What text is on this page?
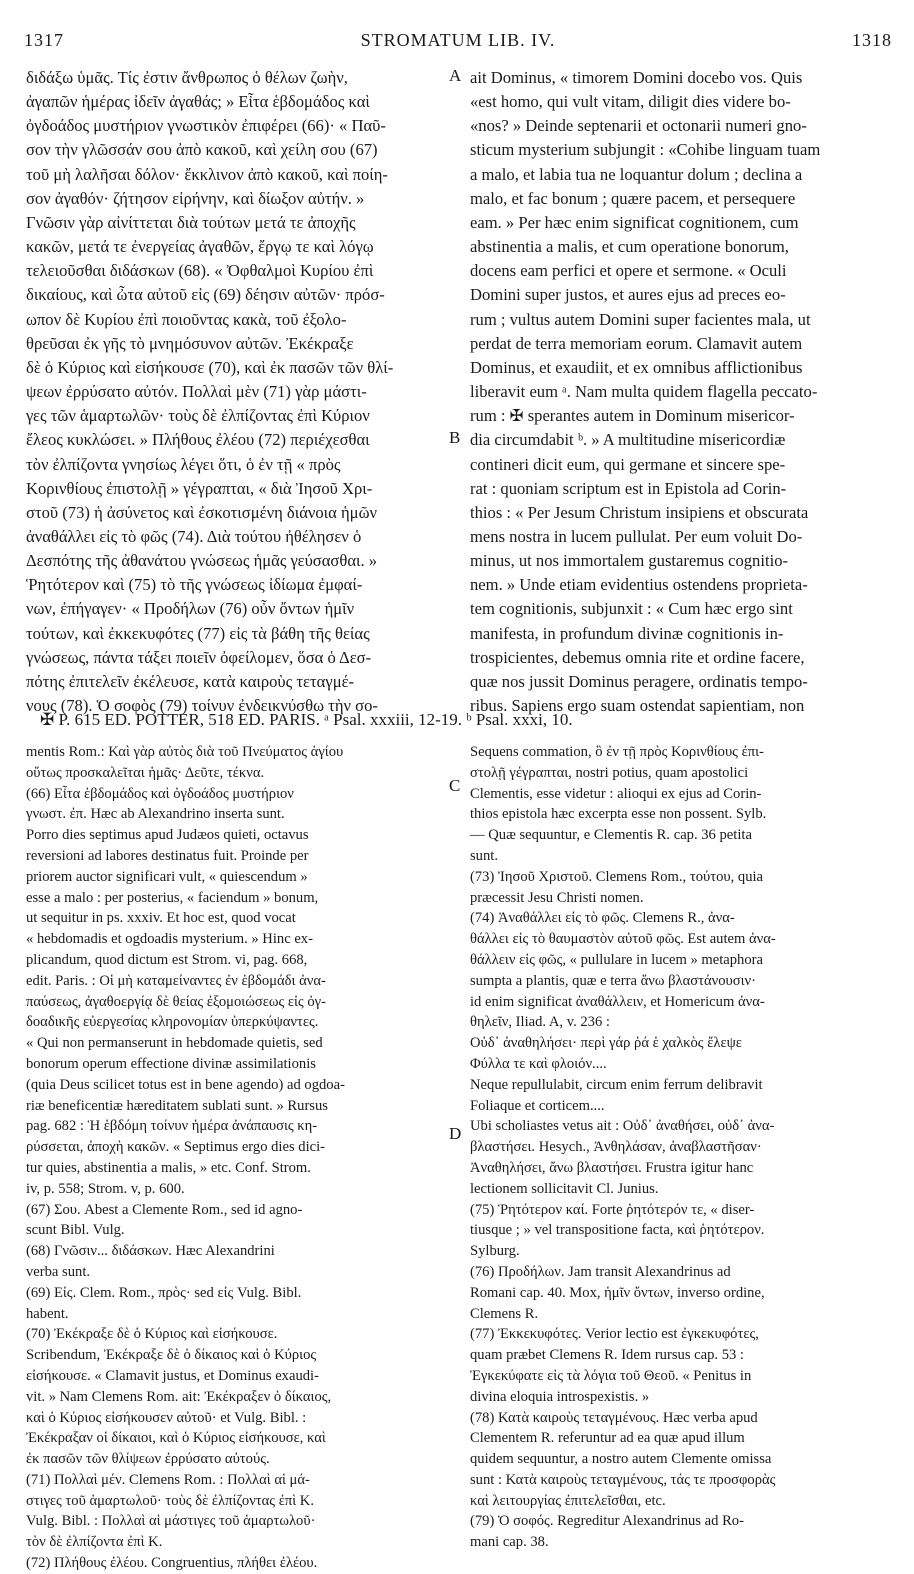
1317	STROMATUM LIB. IV.	1318
διδάξω ὑμᾶς. Τίς ἐστιν ἄνθρωπος ὁ θέλων ζωὴν,
ἀγαπῶν ἡμέρας ἰδεῖν ἀγαθάς; » Εἶτα ἑβδομάδος καὶ
ὀγδοάδος μυστήριον γνωστικὸν ἐπιφέρει (66)· « Παῦ-
σον τὴν γλῶσσάν σου ἀπὸ κακοῦ, καὶ χείλη σου (67)
τοῦ μὴ λαλῆσαι δόλον· ἔκκλινον ἀπὸ κακοῦ, καὶ ποίη-
σον ἀγαθόν· ζήτησον εἰρήνην, καὶ δίωξον αὐτήν. »
Γνῶσιν γὰρ αἰνίττεται διὰ τούτων μετά τε ἀποχῆς
κακῶν, μετά τε ἐνεργείας ἀγαθῶν, ἔργῳ τε καὶ λόγῳ
τελειοῦσθαι διδάσκων (68). « Ὀφθαλμοὶ Κυρίου ἐπὶ
δικαίους, καὶ ὦτα αὐτοῦ εἰς (69) δέησιν αὐτῶν· πρόσ-
ωπον δὲ Κυρίου ἐπὶ ποιοῦντας κακὰ, τοῦ ἐξολο-
θρεῦσαι ἐκ γῆς τὸ μνημόσυνον αὐτῶν. Ἐκέκραξε
δὲ ὁ Κύριος καὶ εἰσήκουσε (70), καὶ ἐκ πασῶν τῶν θλί-
ψεων ἐρρύσατο αὐτόν. Πολλαὶ μὲν (71) γὰρ μάστι-
γες τῶν ἁμαρτωλῶν· τοὺς δὲ ἐλπίζοντας ἐπὶ Κύριον
ἔλεος κυκλώσει. » Πλήθους ἐλέου (72) περιέχεσθαι
τὸν ἐλπίζοντα γνησίως λέγει ὅτι, ὁ ἐν τῇ « πρὸς
Κορινθίους ἐπιστολῇ » γέγραπται, « διὰ Ἰησοῦ Χρι-
στοῦ (73) ἡ ἀσύνετος καὶ ἐσκοτισμένη διάνοια ἡμῶν
ἀναθάλλει εἰς τὸ φῶς (74). Διὰ τούτου ἠθέλησεν ὁ
Δεσπότης τῆς ἀθανάτου γνώσεως ἡμᾶς γεύσασθαι. »
Ῥητότερον καὶ (75) τὸ τῆς γνώσεως ἰδίωμα ἐμφαί-
νων, ἐπήγαγεν· « Προδήλων (76) οὖν ὄντων ἡμῖν
τούτων, καὶ ἐκκεκυφότες (77) εἰς τὰ βάθη τῆς θείας
γνώσεως, πάντα τάξει ποιεῖν ὀφείλομεν, ὅσα ὁ Δεσ-
πότης ἐπιτελεῖν ἐκέλευσε, κατὰ καιροὺς τεταγμέ-
νους (78). Ὁ σοφὸς (79) τοίνυν ἐνδεικνύσθω τὴν σο-
ait Dominus, « timorem Domini docebo vos. Quis
«est homo, qui vult vitam, diligit dies videre bo-
«nos? » Deinde septenarii et octonarii numeri gno-
sticum mysterium subjungit : «Cohibe linguam tuam
a malo, et labia tua ne loquantur dolum ; declina a
malo, et fac bonum ; quære pacem, et persequere
eam. » Per hæc enim significat cognitionem, cum
abstinentia a malis, et cum operatione bonorum,
docens eam perfici et opere et sermone. « Oculi
Domini super justos, et aures ejus ad preces eo-
rum ; vultus autem Domini super facientes mala, ut
perdat de terra memoriam eorum. Clamavit autem
Dominus, et exaudiit, et ex omnibus afflictionibus
liberavit eum ᵃ. Nam multa quidem flagella peccato-
rum : ✠ sperantes autem in Dominum misericor-
dia circumdabit ᵇ. » A multitudine misericordiæ
contineri dicit eum, qui germane et sincere spe-
rat : quoniam scriptum est in Epistola ad Corin-
thios : « Per Jesum Christum insipiens et obscurata
mens nostra in lucem pullulat. Per eum voluit Do-
minus, ut nos immortalem gustaremus cognitio-
nem. » Unde etiam evidentius ostendens proprieta-
tem cognitionis, subjunxit : « Cum hæc ergo sint
manifesta, in profundum divinæ cognitionis in-
trospicientes, debemus omnia rite et ordine facere,
quæ nos jussit Dominus peragere, ordinatis tempo-
ribus. Sapiens ergo suam ostendat sapientiam, non
A
B
C
D
✠ P. 615 ED. POTTER, 518 ED. PARIS. ᵃ Psal. xxxiii, 12-19. ᵇ Psal. xxxi, 10.
mentis Rom.: Καὶ γὰρ αὐτὸς διὰ τοῦ Πνεύματος ἁγίου
οὕτως προσκαλεῖται ἡμᾶς· Δεῦτε, τέκνα.
(66) Εἶτα ἑβδομάδος καὶ ὀγδοάδος μυστήριον
γνωστ. ἐπ. Hæc ab Alexandrino inserta sunt.
Porro dies septimus apud Judæos quieti, octavus
reversioni ad labores destinatus fuit. Proinde per
priorem auctor significari vult, « quiescendum »
esse a malo : per posterius, « faciendum » bonum,
ut sequitur in ps. xxxiv. Et hoc est, quod vocat
« hebdomadis et ogdoadis mysterium. » Hinc ex-
plicandum, quod dictum est Strom. vi, pag. 668,
edit. Paris. : Οἱ μὴ καταμείναντες ἐν ἑβδομάδι ἀνα-
παύσεως, ἀγαθοεργίᾳ δὲ θείας ἐξομοιώσεως εἰς ὀγ-
δοαδικῆς εὐεργεσίας κληρονομίαν ὑπερκύψαντες.
« Qui non permanserunt in hebdomade quietis, sed
bonorum operum effectione divinæ assimilationis
(quia Deus scilicet totus est in bene agendo) ad ogdoa-
riæ beneficentiæ hæreditatem sublati sunt. » Rursus
pag. 682 : Ἡ ἑβδόμη τοίνυν ἡμέρα ἀνάπαυσις κη-
ρύσσεται, ἀποχὴ κακῶν. « Septimus ergo dies dici-
tur quies, abstinentia a malis, » etc. Conf. Strom.
iv, p. 558; Strom. v, p. 600.
(67) Σου. Abest a Clemente Rom., sed id agno-
scunt Bibl. Vulg.
(68) Γνῶσιν... διδάσκων. Hæc Alexandrini
verba sunt.
(69) Εἰς. Clem. Rom., πρὸς· sed εἰς Vulg. Bibl.
habent.
(70) Ἐκέκραξε δὲ ὁ Κύριος καὶ εἰσήκουσε.
Scribendum, Ἐκέκραξε δὲ ὁ δίκαιος καὶ ὁ Κύριος
εἰσήκουσε. « Clamavit justus, et Dominus exaudi-
vit. » Nam Clemens Rom. ait: Ἐκέκραξεν ὁ δίκαιος,
καὶ ὁ Κύριος εἰσήκουσεν αὐτοῦ· et Vulg. Bibl. :
Ἐκέκραξαν οἱ δίκαιοι, καὶ ὁ Κύριος εἰσήκουσε, καὶ
ἐκ πασῶν τῶν θλίψεων ἐρρύσατο αὐτούς.
(71) Πολλαὶ μέν. Clemens Rom. : Πολλαὶ αἱ μά-
στιγες τοῦ ἁμαρτωλοῦ· τοὺς δὲ ἐλπίζοντας ἐπὶ Κ.
Vulg. Bibl. : Πολλαὶ αἱ μάστιγες τοῦ ἁμαρτωλοῦ·
τὸν δὲ ἐλπίζοντα ἐπὶ Κ.
(72) Πλήθους ἐλέου. Congruentius, πλήθει ἐλέου.
Sequens commation, ὃ ἐν τῇ πρὸς Κορινθίους ἐπι-
στολῇ γέγραπται, nostri potius, quam apostolici
Clementis, esse videtur : alioqui ex ejus ad Corin-
thios epistola hæc excerpta esse non possent. Sylb.
— Quæ sequuntur, e Clementis R. cap. 36 petita
sunt.
(73) Ἰησοῦ Χριστοῦ. Clemens Rom., τούτου, quia
præcessit Jesu Christi nomen.
(74) Ἀναθάλλει εἰς τὸ φῶς. Clemens R., ἀνα-
θάλλει εἰς τὸ θαυμαστὸν αὐτοῦ φῶς. Est autem ἀνα-
θάλλειν εἰς φῶς, « pullulare in lucem » metaphora
sumpta a plantis, quæ e terra ἄνω βλαστάνουσιν·
id enim significat ἀναθάλλειν, et Homericum ἀνα-
θηλεῖν, Iliad. A, v. 236 :
Οὐδ᾽ ἀναθηλήσει· περὶ γάρ ῥά ἑ χαλκὸς ἔλεψε
Φύλλα τε καὶ φλοιόν....
Neque repullulabit, circum enim ferrum delibravit
Foliaque et corticem....
Ubi scholiastes vetus ait : Οὐδ᾽ ἀναθήσει, οὐδ᾽ ἀνα-
βλαστήσει. Hesych., Ἀνθηλάσαν, ἀναβλαστῆσαν·
Ἀναθηλήσει, ἄνω βλαστήσει. Frustra igitur hanc
lectionem sollicitavit Cl. Junius.
(75) Ῥητότερον καί. Forte ῥητότερόν τε, « diser-
tiusque ; » vel transpositione facta, καὶ ῥητότερον.
Sylburg.
(76) Προδήλων. Jam transit Alexandrinus ad
Romani cap. 40. Mox, ἡμῖν ὄντων, inverso ordine,
Clemens R.
(77) Ἐκκεκυφότες. Verior lectio est ἐγκεκυφότες,
quam præbet Clemens R. Idem rursus cap. 53 :
Ἐγκεκύφατε εἰς τὰ λόγια τοῦ Θεοῦ. « Penitus in
divina eloquia introspexistis. »
(78) Κατὰ καιροὺς τεταγμένους. Hæc verba apud
Clementem R. referuntur ad ea quæ apud illum
quidem sequuntur, a nostro autem Clemente omissa
sunt : Κατὰ καιροὺς τεταγμένους, τάς τε προσφορὰς
καὶ λειτουργίας ἐπιτελεῖσθαι, etc.
(79) Ὁ σοφός. Regreditur Alexandrinus ad Ro-
mani cap. 38.
